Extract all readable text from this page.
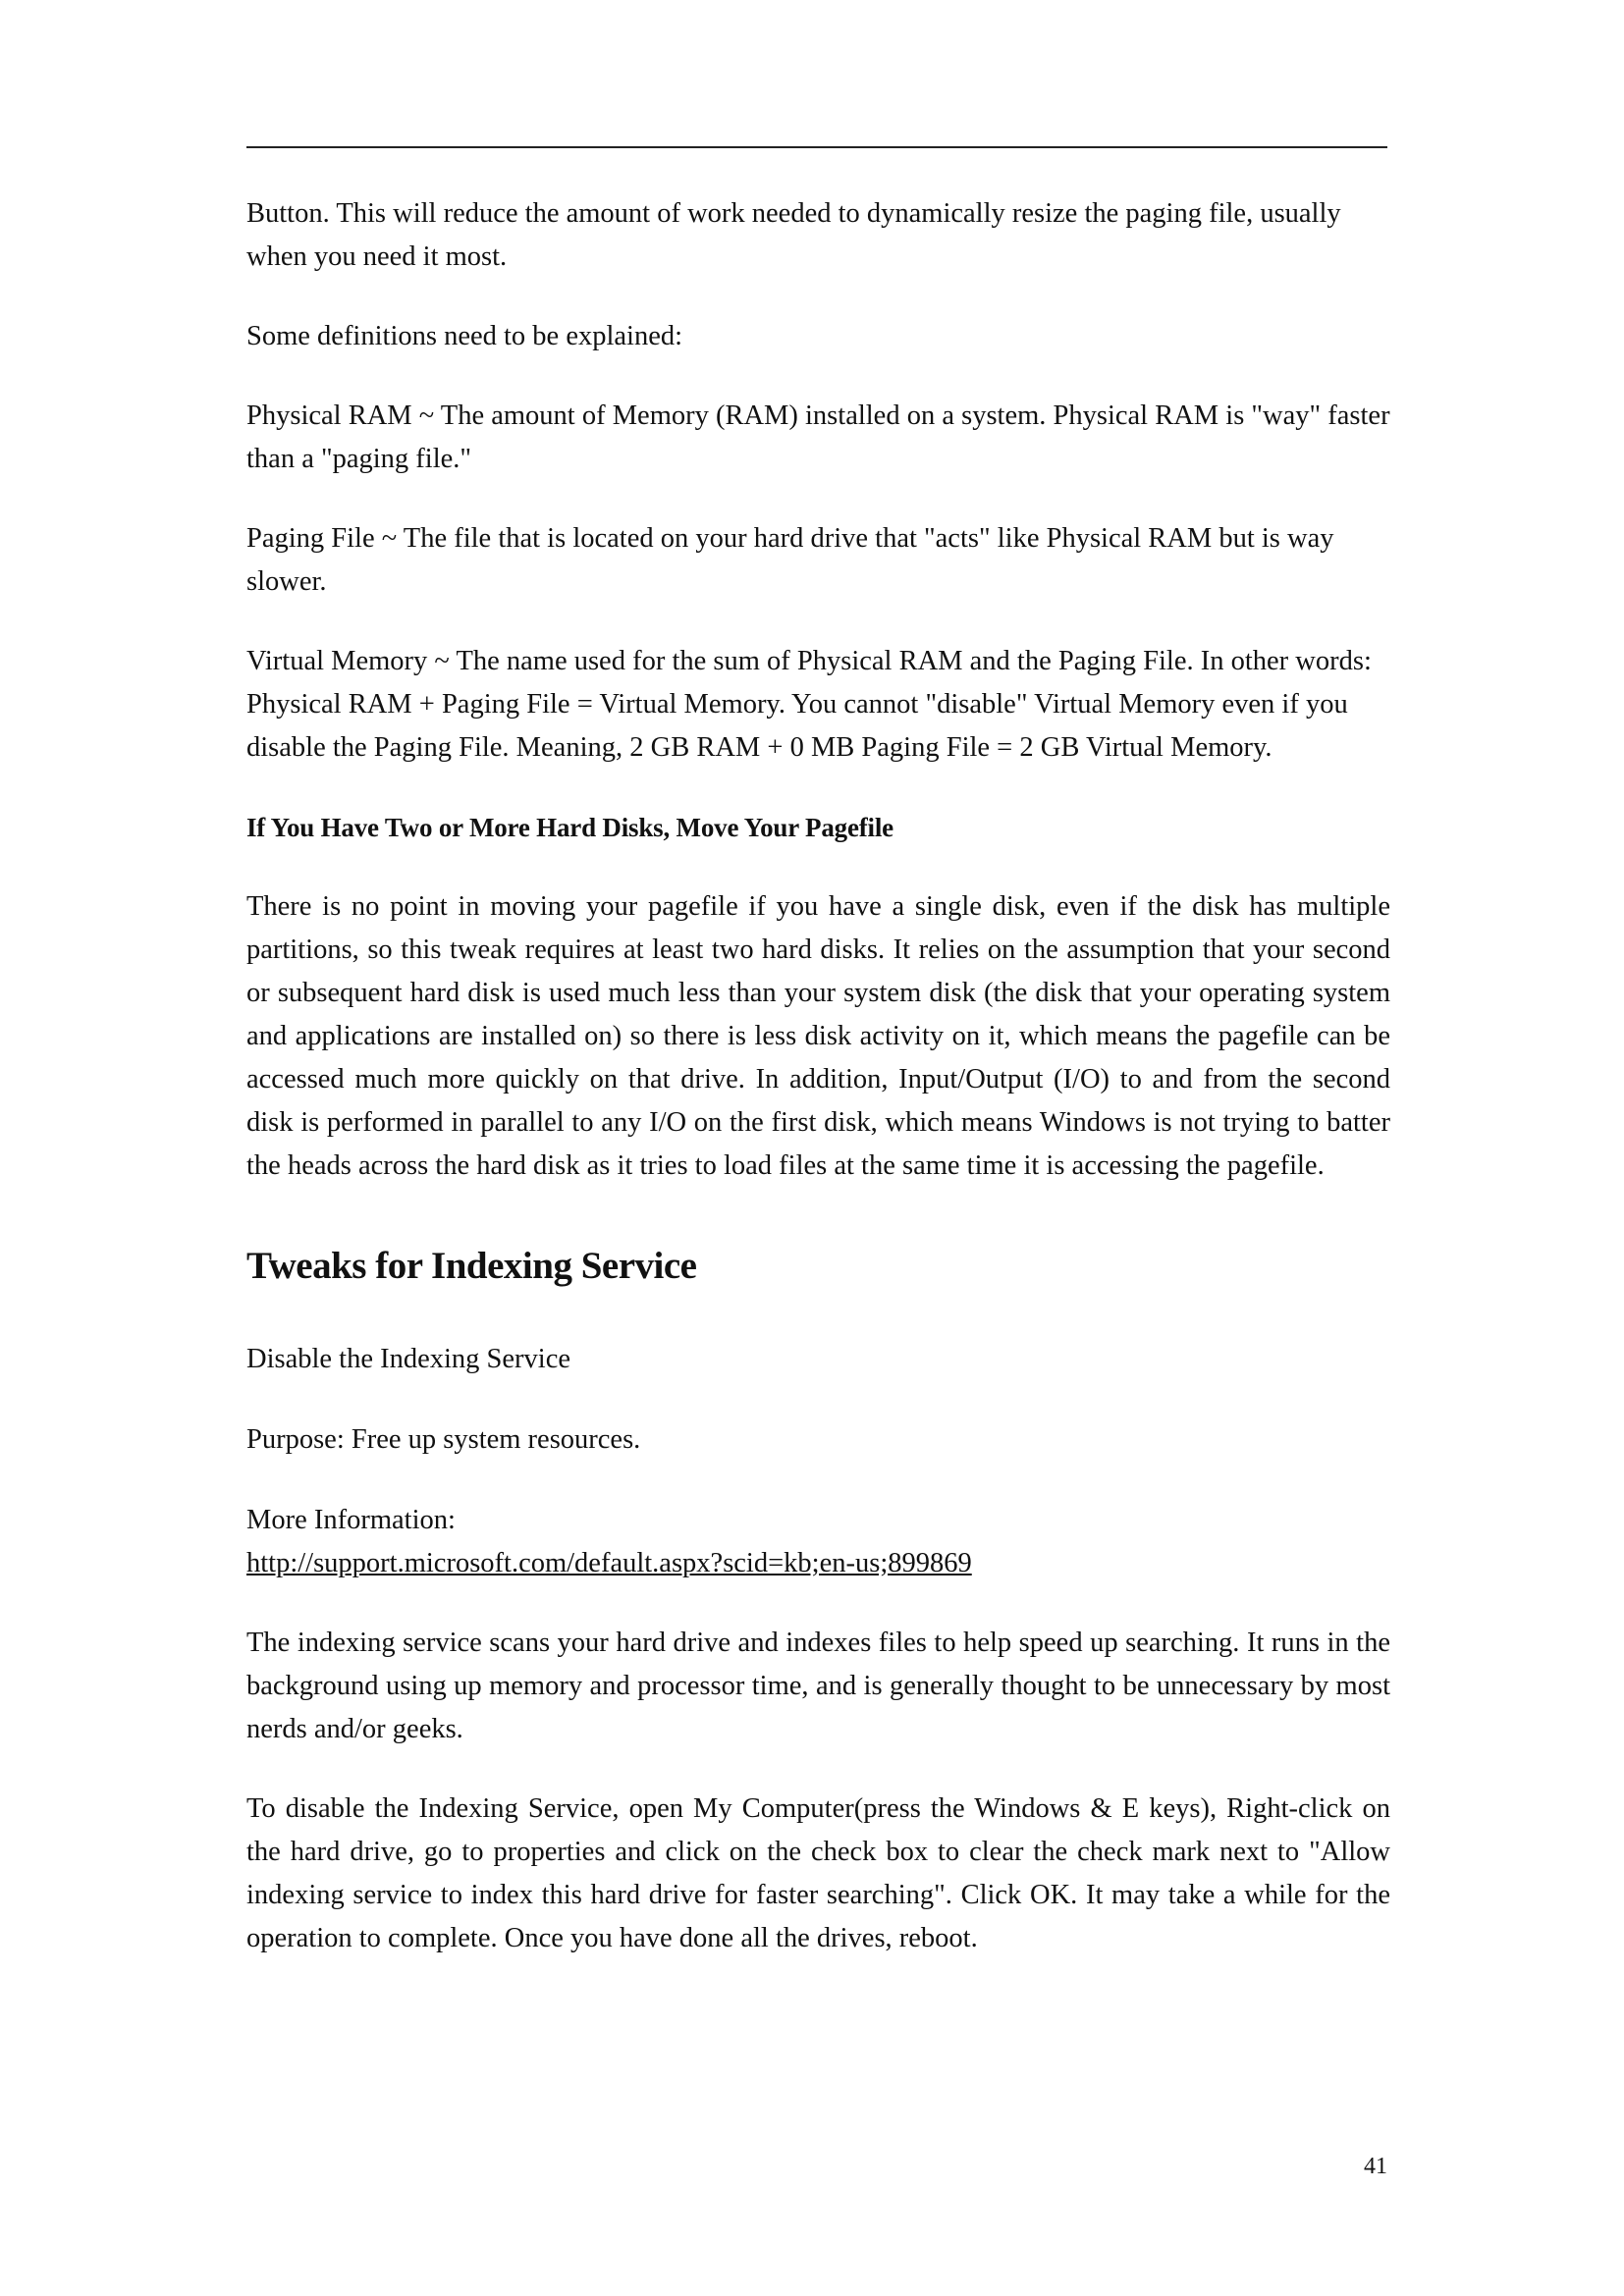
Button. This will reduce the amount of work needed to dynamically resize the paging file, usually when you need it most.

Some definitions need to be explained:

Physical RAM ~ The amount of Memory (RAM) installed on a system. Physical RAM is "way" faster than a "paging file."

Paging File ~ The file that is located on your hard drive that "acts" like Physical RAM but is way slower.

Virtual Memory ~ The name used for the sum of Physical RAM and the Paging File. In other words: Physical RAM + Paging File = Virtual Memory. You cannot "disable" Virtual Memory even if you disable the Paging File. Meaning, 2 GB RAM + 0 MB Paging File = 2 GB Virtual Memory.

If You Have Two or More Hard Disks, Move Your Pagefile

There is no point in moving your pagefile if you have a single disk, even if the disk has multiple partitions, so this tweak requires at least two hard disks. It relies on the assumption that your second or subsequent hard disk is used much less than your system disk (the disk that your operating system and applications are installed on) so there is less disk activity on it, which means the pagefile can be accessed much more quickly on that drive. In addition, Input/Output (I/O) to and from the second disk is performed in parallel to any I/O on the first disk, which means Windows is not trying to batter the heads across the hard disk as it tries to load files at the same time it is accessing the pagefile.

Tweaks for Indexing Service

Disable the Indexing Service

Purpose: Free up system resources.

More Information:

http://support.microsoft.com/default.aspx?scid=kb;en-us;899869

The indexing service scans your hard drive and indexes files to help speed up searching. It runs in the background using up memory and processor time, and is generally thought to be unnecessary by most nerds and/or geeks.

To disable the Indexing Service, open My Computer(press the Windows & E keys), Right-click on the hard drive, go to properties and click on the check box to clear the check mark next to "Allow indexing service to index this hard drive for faster searching". Click OK. It may take a while for the operation to complete. Once you have done all the drives, reboot.

41
